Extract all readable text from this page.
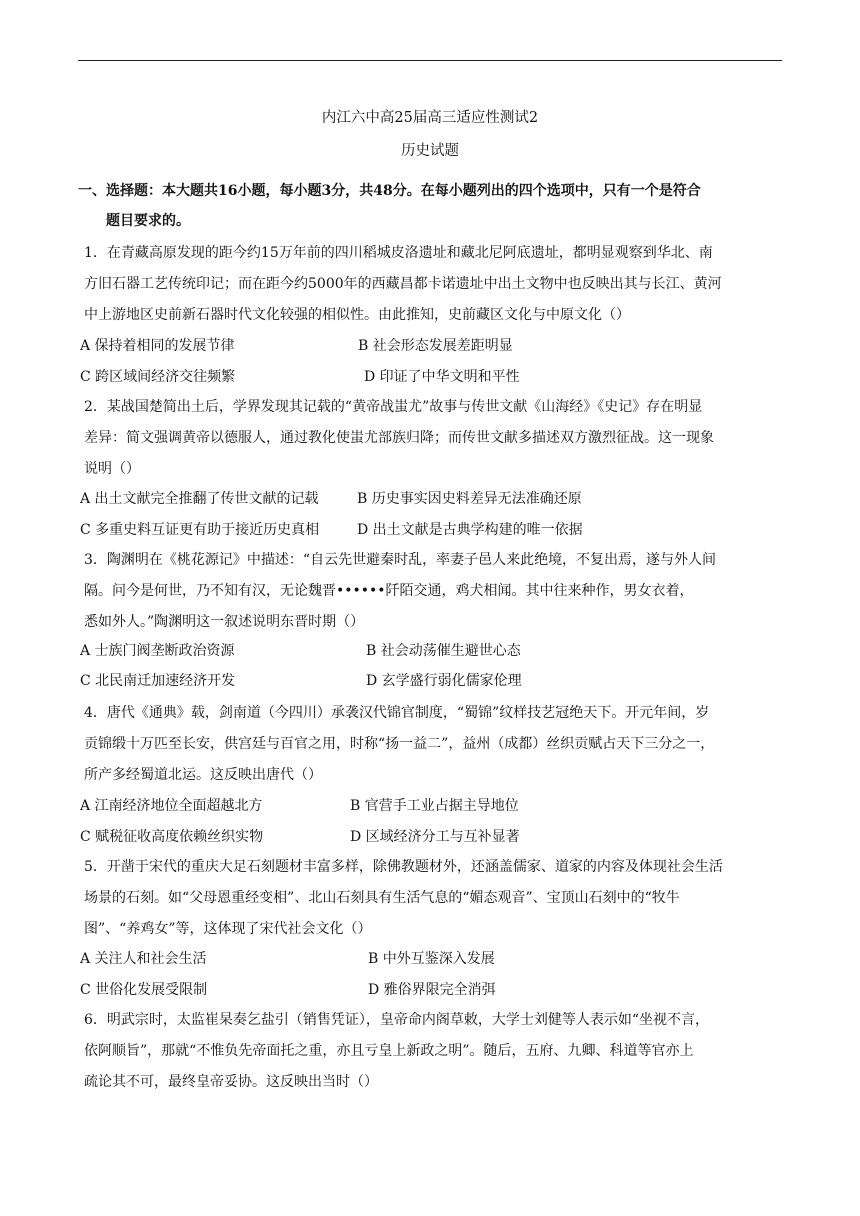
内江六中高25届高三适应性测试2
历史试题
一、选择题：本大题共16小题，每小题3分，共48分。在每小题列出的四个选项中，只有一个是符合
题目要求的。
1．在青藏高原发现的距今约15万年前的四川稻城皮洛遗址和藏北尼阿底遗址，都明显观察到华北、南
方旧石器工艺传统印记；而在距今约5000年的西藏昌都卡诺遗址中出土文物中也反映出其与长江、黄河
中上游地区史前新石器时代文化较强的相似性。由此推知，史前藏区文化与中原文化（）
A 保持着相同的发展节律	B 社会形态发展差距明显
C 跨区域间经济交往频繁	D 印证了中华文明和平性
2．某战国楚简出土后，学界发现其记载的“黄帝战蚩尤”故事与传世文献《山海经》《史记》存在明显
差异：简文强调黄帝以德服人，通过教化使蚩尤部族归降；而传世文献多描述双方激烈征战。这一现象
说明（）
A 出土文献完全推翻了传世文献的记载	B 历史事实因史料差异无法准确还原
C 多重史料互证更有助于接近历史真相	D 出土文献是古典学构建的唯一依据
3．陶渊明在《桃花源记》中描述：“自云先世避秦时乱，率妻子邑人来此绝境，不复出焉，遂与外人间
隔。问今是何世，乃不知有汉，无论魏晋••••••阡陌交通，鸡犬相闻。其中往来种作，男女衣着，
悉如外人。”陶渊明这一叙述说明东晋时期（）
A 士族门阀垄断政治资源	B 社会动荡催生避世心态
C 北民南迁加速经济开发	D 玄学盛行弱化儒家伦理
4．唐代《通典》载，剑南道（今四川）承袭汉代锦官制度，“蜀锦”纹样技艺冠绝天下。开元年间，岁
贡锦缎十万匹至长安，供宫廷与百官之用，时称“扬一益二”，益州（成都）丝织贡赋占天下三分之一，
所产多经蜀道北运。这反映出唐代（）
A 江南经济地位全面超越北方	B 官营手工业占据主导地位
C 赋税征收高度依赖丝织实物	D 区域经济分工与互补显著
5．开凿于宋代的重庆大足石刻题材丰富多样，除佛教题材外，还涵盖儒家、道家的内容及体现社会生活
场景的石刻。如“父母恩重经变相”、北山石刻具有生活气息的“媚态观音”、宝顶山石刻中的“牧牛
图”、“养鸡女”等，这体现了宋代社会文化（）
A 关注人和社会生活	B 中外互鉴深入发展
C 世俗化发展受限制	D 雅俗界限完全消弭
6．明武宗时，太监崔杲奏乞盐引（销售凭证），皇帝命内阁草敕，大学士刘健等人表示如“坐视不言，
依阿顺旨”，那就“不惟负先帝面托之重，亦且亏皇上新政之明”。随后，五府、九卿、科道等官亦上
疏论其不可，最终皇帝妥协。这反映出当时（）
